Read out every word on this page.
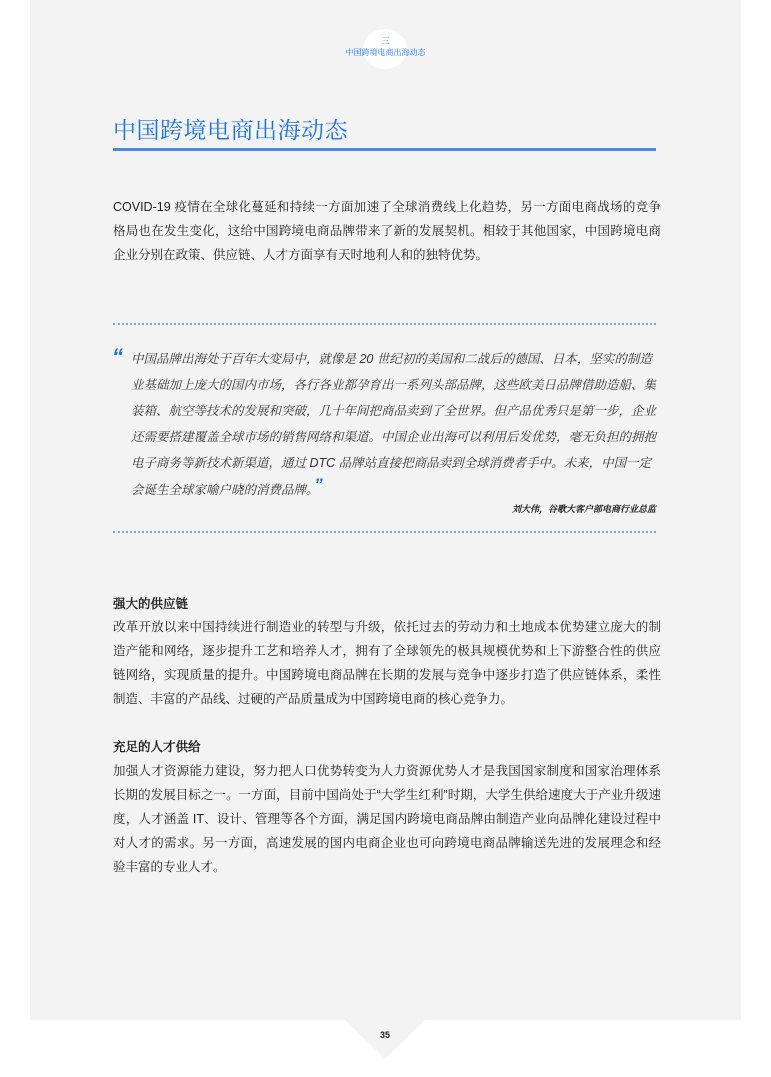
35
三
中国跨境电商出海动态
中国跨境电商出海动态
COVID-19 疫情在全球化蔓延和持续一方面加速了全球消费线上化趋势，另一方面电商战场的竞争格局也在发生变化，这给中国跨境电商品牌带来了新的发展契机。相较于其他国家，中国跨境电商企业分别在政策、供应链、人才方面享有天时地利人和的独特优势。
“ 中国品牌出海处于百年大变局中，就像是 20 世纪初的美国和二战后的德国、日本，坚实的制造业基础加上庞大的国内市场，各行各业都孕育出一系列头部品牌，这些欧美日品牌借助造船、集装箱、航空等技术的发展和突破，几十年间把商品卖到了全世界。但产品优秀只是第一步，企业还需要搭建覆盖全球市场的销售网络和渠道。中国企业出海可以利用后发优势，毫无负担的拥抱电子商务等新技术新渠道，通过 DTC 品牌站直接把商品卖到全球消费者手中。未来，中国一定会诞生全球家喻户晓的消费品牌。 ”
刘大伟，谷歌大客户部电商行业总监
强大的供应链
改革开放以来中国持续进行制造业的转型与升级，依托过去的劳动力和土地成本优势建立庞大的制造产能和网络，逐步提升工艺和培养人才，拥有了全球领先的极具规模优势和上下游整合性的供应链网络，实现质量的提升。中国跨境电商品牌在长期的发展与竞争中逐步打造了供应链体系，柔性制造、丰富的产品线、过硬的产品质量成为中国跨境电商的核心竞争力。
充足的人才供给
加强人才资源能力建设，努力把人口优势转变为人力资源优势人才是我国国家制度和国家治理体系长期的发展目标之一。一方面，目前中国尚处于“大学生红利”时期，大学生供给速度大于产业升级速度，人才涵盖 IT、设计、管理等各个方面，满足国内跨境电商品牌由制造产业向品牌化建设过程中对人才的需求。另一方面，高速发展的国内电商企业也可向跨境电商品牌输送先进的发展理念和经验丰富的专业人才。
